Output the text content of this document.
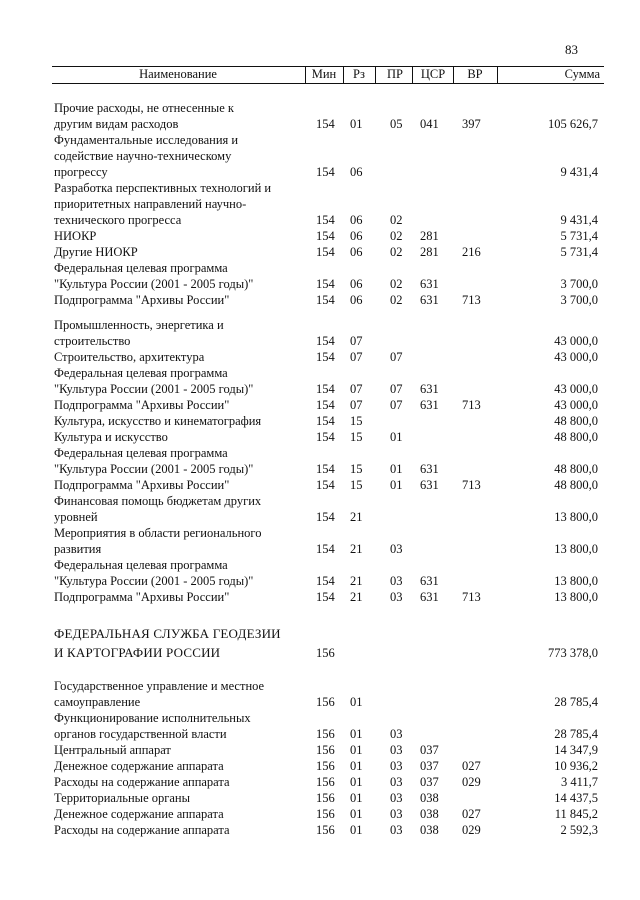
83
Наименование	Мин	Рз	ПР	ЦСР	ВР	Сумма
Прочие расходы, не отнесенные к
другим видам расходов	154 01 05 041 397	105 626,7
Фундаментальные исследования и
содействие научно-техническому
прогрессу	154 06	9 431,4
Разработка перспективных технологий и
приоритетных направлений научно-
технического прогресса	154 06 02	9 431,4
НИОКР	154 06 02 281	5 731,4
Другие НИОКР	154 06 02 281 216	5 731,4
Федеральная целевая программа
"Культура России (2001 - 2005 годы)"	154 06 02 631	3 700,0
Подпрограмма "Архивы России"	154 06 02 631 713	3 700,0
Промышленность, энергетика и
строительство	154 07	43 000,0
Строительство, архитектура	154 07 07	43 000,0
Федеральная целевая программа
"Культура России (2001 - 2005 годы)"	154 07 07 631	43 000,0
Подпрограмма "Архивы России"	154 07 07 631 713	43 000,0
Культура, искусство и кинематография	154 15	48 800,0
Культура и искусство	154 15 01	48 800,0
Федеральная целевая программа
"Культура России (2001 - 2005 годы)"	154 15 01 631	48 800,0
Подпрограмма "Архивы России"	154 15 01 631 713	48 800,0
Финансовая помощь бюджетам других
уровней	154 21	13 800,0
Мероприятия в области регионального
развития	154 21 03	13 800,0
Федеральная целевая программа
"Культура России (2001 - 2005 годы)"	154 21 03 631	13 800,0
Подпрограмма "Архивы России"	154 21 03 631 713	13 800,0
ФЕДЕРАЛЬНАЯ СЛУЖБА ГЕОДЕЗИИ
И КАРТОГРАФИИ РОССИИ	156	773 378,0
Государственное управление и местное
самоуправление	156 01	28 785,4
Функционирование исполнительных
органов государственной власти	156 01 03	28 785,4
Центральный аппарат	156 01 03 037	14 347,9
Денежное содержание аппарата	156 01 03 037 027	10 936,2
Расходы на содержание аппарата	156 01 03 037 029	3 411,7
Территориальные органы	156 01 03 038	14 437,5
Денежное содержание аппарата	156 01 03 038 027	11 845,2
Расходы на содержание аппарата	156 01 03 038 029	2 592,3
